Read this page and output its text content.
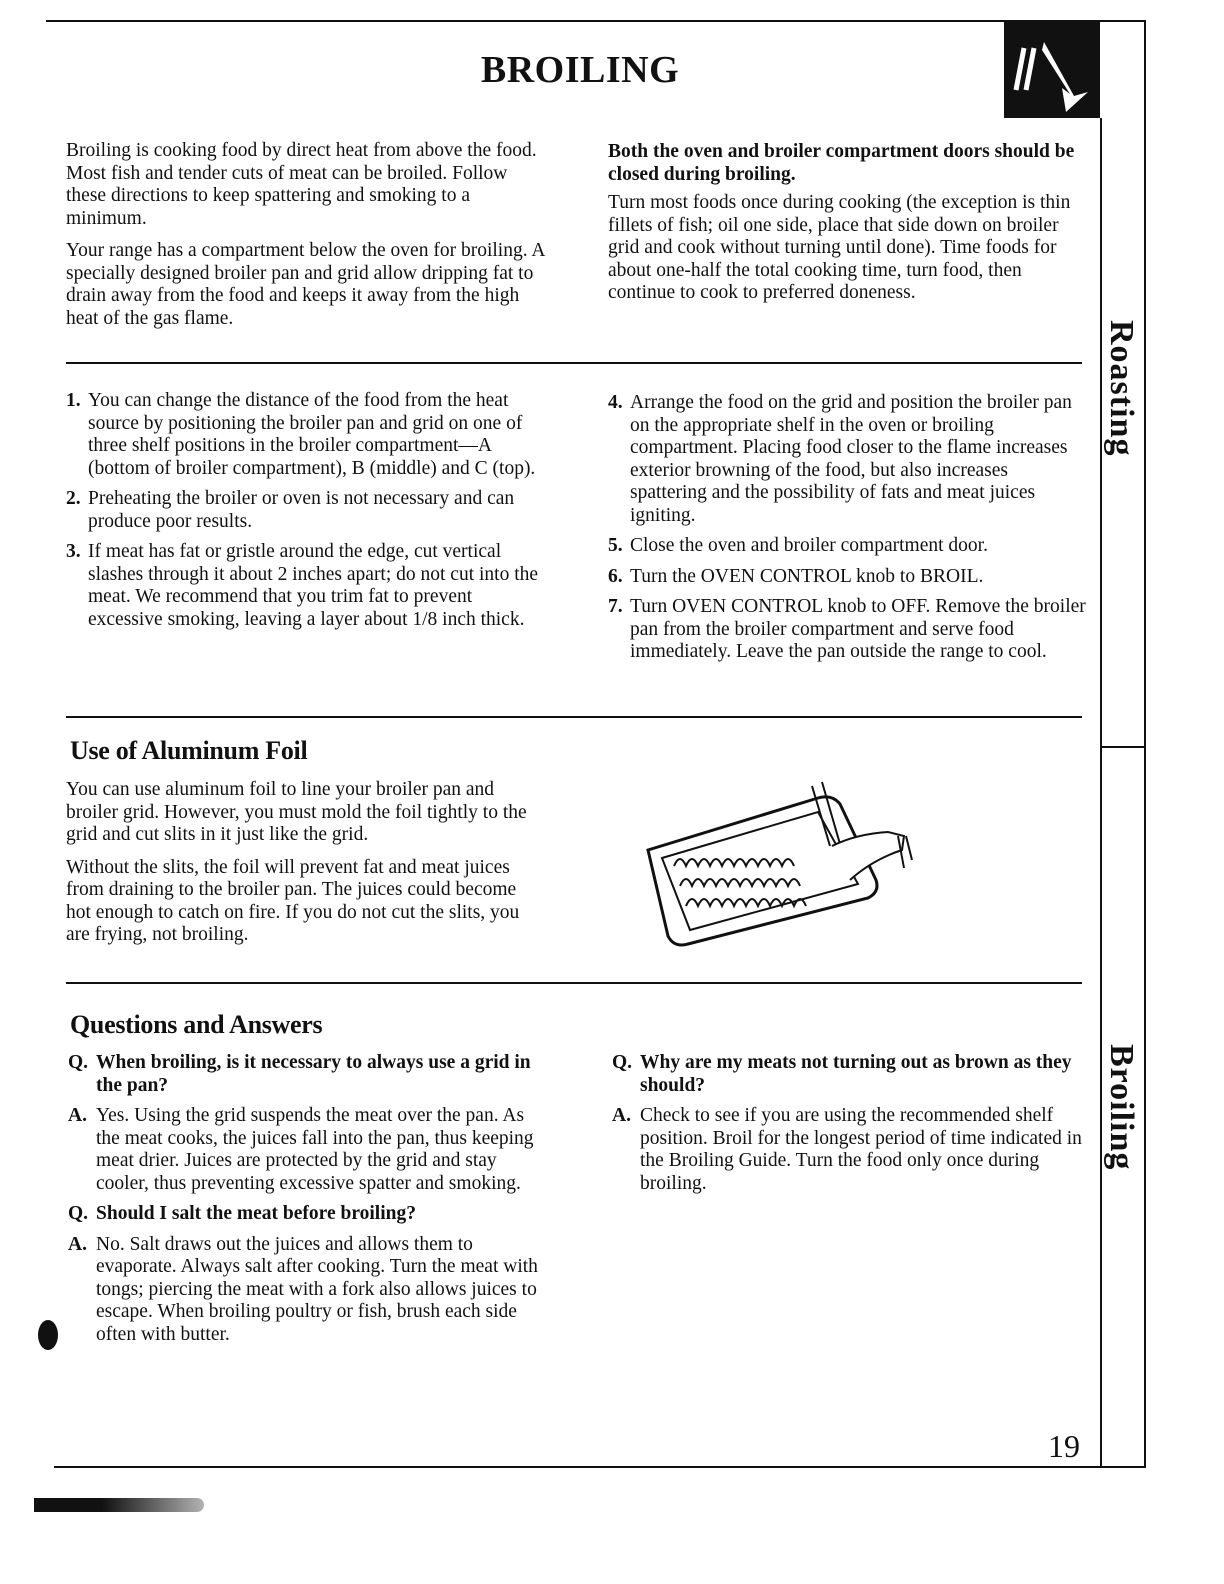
BROILING

Broiling is cooking food by direct heat from above the food. Most fish and tender cuts of meat can be broiled. Follow these directions to keep spattering and smoking to a minimum.

Your range has a compartment below the oven for broiling. A specially designed broiler pan and grid allow dripping fat to drain away from the food and keeps it away from the high heat of the gas flame.

Both the oven and broiler compartment doors should be closed during broiling.

Turn most foods once during cooking (the exception is thin fillets of fish; oil one side, place that side down on broiler grid and cook without turning until done). Time foods for about one-half the total cooking time, turn food, then continue to cook to preferred doneness.

1. You can change the distance of the food from the heat source by positioning the broiler pan and grid on one of three shelf positions in the broiler compartment—A (bottom of broiler compartment), B (middle) and C (top).
2. Preheating the broiler or oven is not necessary and can produce poor results.
3. If meat has fat or gristle around the edge, cut vertical slashes through it about 2 inches apart; do not cut into the meat. We recommend that you trim fat to prevent excessive smoking, leaving a layer about 1/8 inch thick.
4. Arrange the food on the grid and position the broiler pan on the appropriate shelf in the oven or broiling compartment. Placing food closer to the flame increases exterior browning of the food, but also increases spattering and the possibility of fats and meat juices igniting.
5. Close the oven and broiler compartment door.
6. Turn the OVEN CONTROL knob to BROIL.
7. Turn OVEN CONTROL knob to OFF. Remove the broiler pan from the broiler compartment and serve food immediately. Leave the pan outside the range to cool.
Use of Aluminum Foil

You can use aluminum foil to line your broiler pan and broiler grid. However, you must mold the foil tightly to the grid and cut slits in it just like the grid.

Without the slits, the foil will prevent fat and meat juices from draining to the broiler pan. The juices could become hot enough to catch on fire. If you do not cut the slits, you are frying, not broiling.

Questions and Answers
Q. When broiling, is it necessary to always use a grid in the pan?
A. Yes. Using the grid suspends the meat over the pan. As the meat cooks, the juices fall into the pan, thus keeping meat drier. Juices are protected by the grid and stay cooler, thus preventing excessive spatter and smoking.
Q. Should I salt the meat before broiling?
A. No. Salt draws out the juices and allows them to evaporate. Always salt after cooking. Turn the meat with tongs; piercing the meat with a fork also allows juices to escape. When broiling poultry or fish, brush each side often with butter.
Q. Why are my meats not turning out as brown as they should?
A. Check to see if you are using the recommended shelf position. Broil for the longest period of time indicated in the Broiling Guide. Turn the food only once during broiling.
Roasting
Broiling
19
